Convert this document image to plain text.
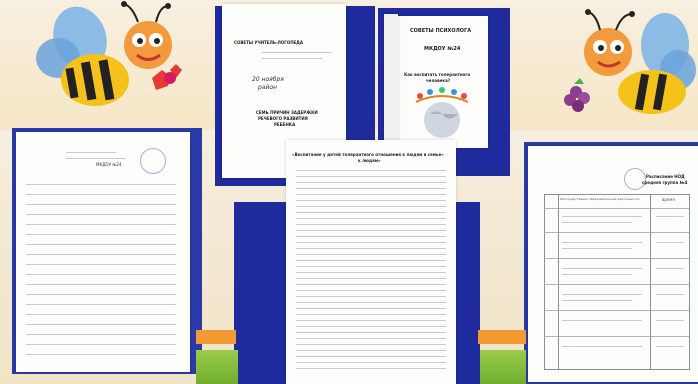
СОВЕТЫ УЧИТЕЛЬ-ЛОГОПЕДА
20 ноября
район
СЕМЬ ПРИЧИН ЗАДЕРЖКИ
РЕЧЕВОГО РАЗВИТИЯ
РЕБЕНКА
СОВЕТЫ ПСИХОЛОГА
МКДОУ №24
Как воспитать толерантного
человека?
МКДОУ №24
«Воспитание у детей толерантного отношения к людям в семье»
к людям»
Расписание НОД
средняя группа №4
Непосредственно образовательная деятельность	время
